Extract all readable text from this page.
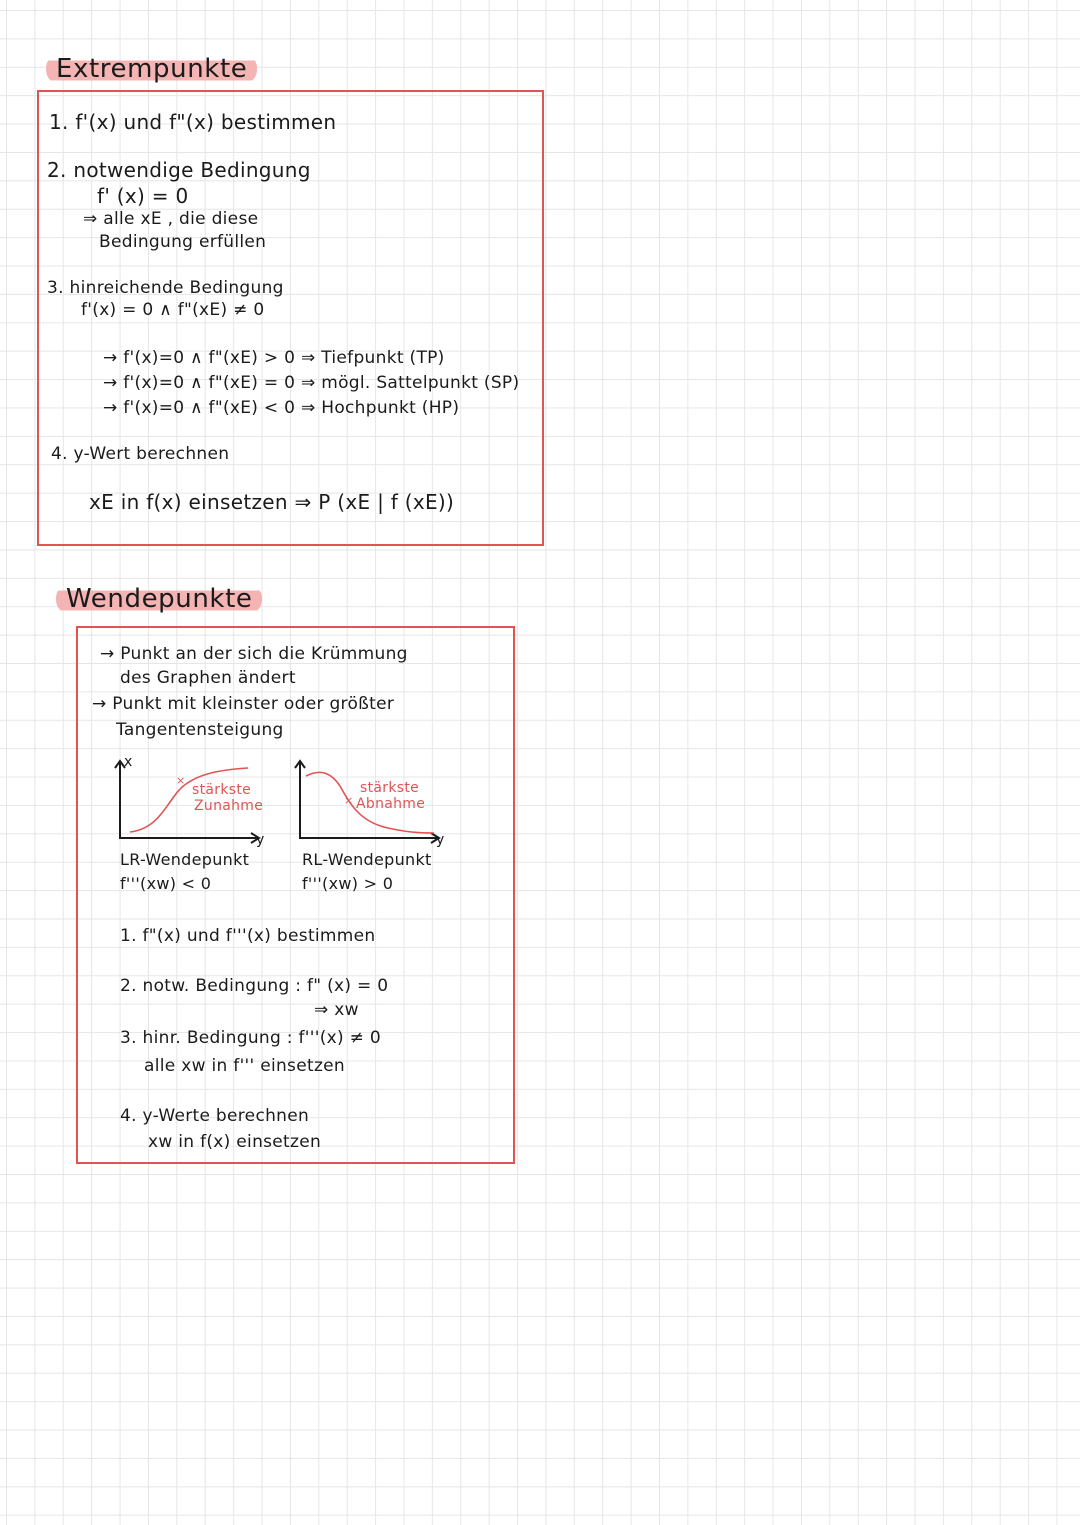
Extrempunkte
1. f'(x) und f"(x) bestimmen
2. notwendige Bedingung
f' (x) = 0
⇒ alle xE , die diese
Bedingung erfüllen
3. hinreichende Bedingung
f'(x) = 0 ∧ f"(xE) ≠ 0
→ f'(x)=0 ∧ f"(xE) > 0 ⇒ Tiefpunkt (TP)
→ f'(x)=0 ∧ f"(xE) = 0 ⇒ mögl. Sattelpunkt (SP)
→ f'(x)=0 ∧ f"(xE) < 0 ⇒ Hochpunkt (HP)
4. y-Wert berechnen
xE in f(x) einsetzen ⇒ P (xE | f (xE))
Wendepunkte
→ Punkt an der sich die Krümmung
des Graphen ändert
→ Punkt mit kleinster oder größter
Tangentensteigung
×
x
stärkste
Zunahme
y
LR-Wendepunkt
f'''(xw) < 0
×
stärkste
Abnahme
y
RL-Wendepunkt
f'''(xw) > 0
1. f"(x) und f'''(x) bestimmen
2. notw. Bedingung : f" (x) = 0
⇒ xw
3. hinr. Bedingung : f'''(x) ≠ 0
alle xw in f''' einsetzen
4. y-Werte berechnen
xw in f(x) einsetzen
